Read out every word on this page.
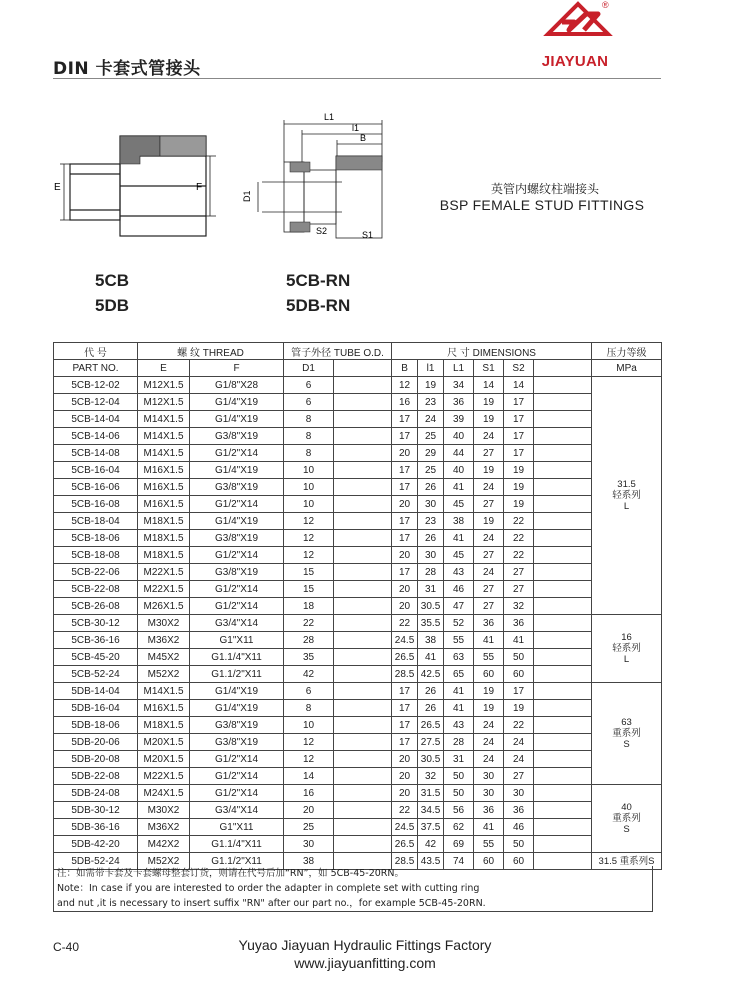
DIN 卡套式管接头
®
JIAYUAN
E	F
L1
l1
B
D1
S2	S1
5CB
5DB
5CB-RN
5DB-RN
英管内螺纹柱端接头
BSP FEMALE STUD FITTINGS
代 号	螺 纹 THREAD		管子外径 TUBE O.D.		尺 寸 DIMENSIONS						压力等级
PART NO.	E	F	D1		B	l1	L1	S1	S2		MPa
5CB-12-02	M12X1.5	G1/8"X28	6		12	19	34	14	14		31.5
轻系列
L

5CB-12-04	M12X1.5	G1/4"X19	6		16	23	36	19	17		
5CB-14-04	M14X1.5	G1/4"X19	8		17	24	39	19	17		
5CB-14-06	M14X1.5	G3/8"X19	8		17	25	40	24	17		
5CB-14-08	M14X1.5	G1/2"X14	8		20	29	44	27	17		
5CB-16-04	M16X1.5	G1/4"X19	10		17	25	40	19	19		
5CB-16-06	M16X1.5	G3/8"X19	10		17	26	41	24	19		
5CB-16-08	M16X1.5	G1/2"X14	10		20	30	45	27	19		
5CB-18-04	M18X1.5	G1/4"X19	12		17	23	38	19	22		
5CB-18-06	M18X1.5	G3/8"X19	12		17	26	41	24	22		
5CB-18-08	M18X1.5	G1/2"X14	12		20	30	45	27	22		
5CB-22-06	M22X1.5	G3/8"X19	15		17	28	43	24	27		
5CB-22-08	M22X1.5	G1/2"X14	15		20	31	46	27	27		
5CB-26-08	M26X1.5	G1/2"X14	18		20	30.5	47	27	32		
5CB-30-12	M30X2	G3/4"X14	22		22	35.5	52	36	36		16
轻系列
L

5CB-36-16	M36X2	G1"X11	28		24.5	38	55	41	41		
5CB-45-20	M45X2	G1.1/4"X11	35		26.5	41	63	55	50		
5CB-52-24	M52X2	G1.1/2"X11	42		28.5	42.5	65	60	60		
5DB-14-04	M14X1.5	G1/4"X19	6		17	26	41	19	17		63
重系列
S

5DB-16-04	M16X1.5	G1/4"X19	8		17	26	41	19	19		
5DB-18-06	M18X1.5	G3/8"X19	10		17	26.5	43	24	22		
5DB-20-06	M20X1.5	G3/8"X19	12		17	27.5	28	24	24		
5DB-20-08	M20X1.5	G1/2"X14	12		20	30.5	31	24	24		
5DB-22-08	M22X1.5	G1/2"X14	14		20	32	50	30	27		
5DB-24-08	M24X1.5	G1/2"X14	16		20	31.5	50	30	30		40
重系列
S

5DB-30-12	M30X2	G3/4"X14	20		22	34.5	56	36	36		
5DB-36-16	M36X2	G1"X11	25		24.5	37.5	62	41	46		
5DB-42-20	M42X2	G1.1/4"X11	30		26.5	42	69	55	50		
5DB-52-24	M52X2	G1.1/2"X11	38		28.5	43.5	74	60	60		31.5 重系列S
注：如需带卡套及卡套螺母整套订货，则请在代号后加“RN”，如 5CB-45-20RN。
Note：In case if you are interested to order the adapter in complete set with cutting ring
and nut ,it is necessary to insert suffix "RN" after our part no.，for example 5CB-45-20RN.
C-40	Yuyao Jiayuan Hydraulic Fittings Factory
www.jiayuanfitting.com
